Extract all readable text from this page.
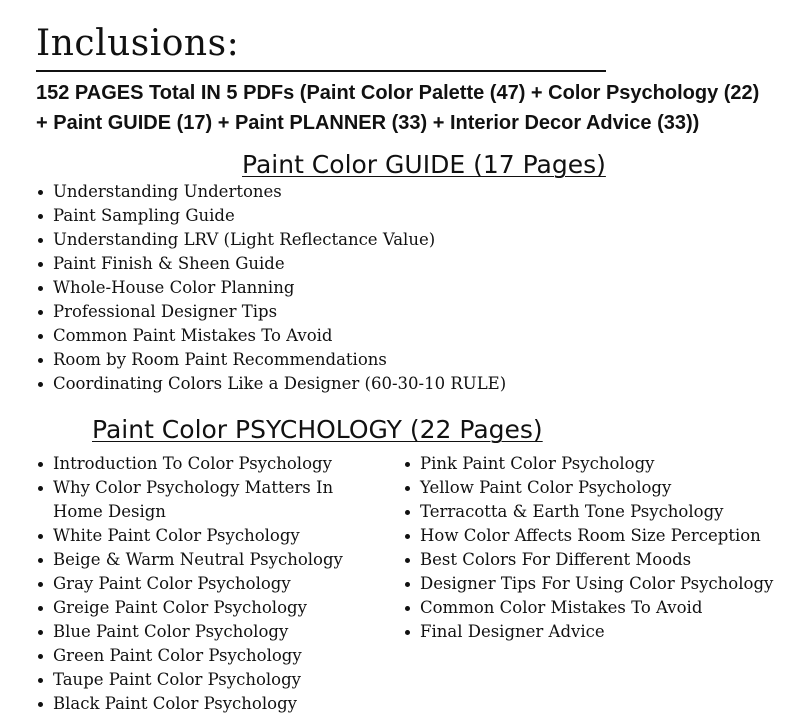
Inclusions:
152 PAGES Total IN 5 PDFs (Paint Color Palette (47) + Color Psychology (22) + Paint GUIDE (17) + Paint PLANNER (33) + Interior Decor Advice (33))
Paint Color GUIDE (17 Pages)
Understanding Undertones
Paint Sampling Guide
Understanding LRV (Light Reflectance Value)
Paint Finish & Sheen Guide
Whole-House Color Planning
Professional Designer Tips
Common Paint Mistakes To Avoid
Room by Room Paint Recommendations
Coordinating Colors Like a Designer (60-30-10 RULE)
Paint Color PSYCHOLOGY (22 Pages)
Introduction To Color Psychology
Why Color Psychology Matters In Home Design
White Paint Color Psychology
Beige & Warm Neutral Psychology
Gray Paint Color Psychology
Greige Paint Color Psychology
Blue Paint Color Psychology
Green Paint Color Psychology
Taupe Paint Color Psychology
Black Paint Color Psychology
Pink Paint Color Psychology
Yellow Paint Color Psychology
Terracotta & Earth Tone Psychology
How Color Affects Room Size Perception
Best Colors For Different Moods
Designer Tips For Using Color Psychology
Common Color Mistakes To Avoid
Final Designer Advice
